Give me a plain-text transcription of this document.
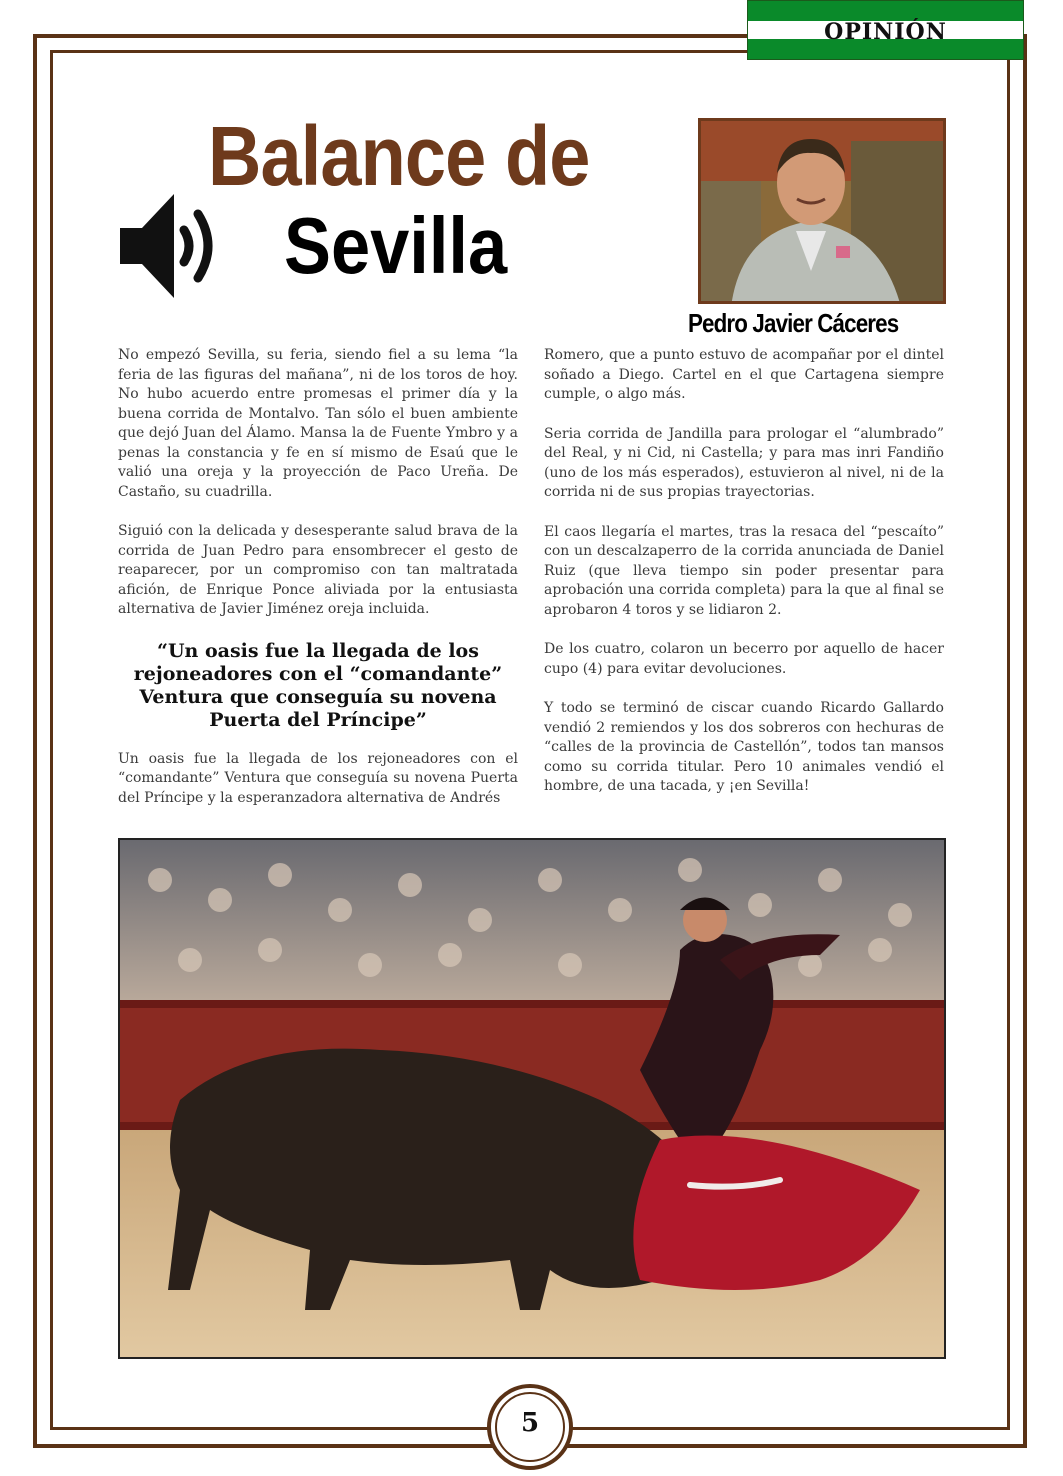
OPINIÓN
Balance de
Sevilla
Pedro Javier Cáceres

No empezó Sevilla, su feria, siendo fiel a su lema “la feria de las figuras del mañana”, ni de los toros de hoy. No hubo acuerdo entre promesas el primer día y la buena corrida de Montalvo. Tan sólo el buen ambiente que dejó Juan del Álamo. Mansa la de Fuente Ymbro y a penas la constancia y fe en sí mismo de Esaú que le valió una oreja y la proyección de Paco Ureña. De Castaño, su cuadrilla.

Siguió con la delicada y desesperante salud brava de la corrida de Juan Pedro para ensombrecer el gesto de reaparecer, por un compromiso con tan maltratada afición, de Enrique Ponce aliviada por la entusiasta alternativa de Javier Jiménez oreja incluida.

“Un oasis fue la llegada de los rejoneadores con el “comandante” Ventura que conseguía su novena Puerta del Príncipe”

Un oasis fue la llegada de los rejoneadores con el “comandante” Ventura que conseguía su novena Puerta del Príncipe y la esperanzadora alternativa de Andrés

Romero, que a punto estuvo de acompañar por el dintel soñado a Diego. Cartel en el que Cartagena siempre cumple, o algo más.

Seria corrida de Jandilla para prologar el “alumbrado” del Real, y ni Cid, ni Castella; y para mas inri Fandiño (uno de los más esperados), estuvieron al nivel, ni de la corrida ni de sus propias trayectorias.

El caos llegaría el martes, tras la resaca del “pescaíto” con un descalzaperro de la corrida anunciada de Daniel Ruiz (que lleva tiempo sin poder presentar para aprobación una corrida completa) para la que al final se aprobaron 4 toros y se lidiaron 2.

De los cuatro, colaron un becerro por aquello de hacer cupo (4) para evitar devoluciones.

Y todo se terminó de ciscar cuando Ricardo Gallardo vendió 2 remiendos y los dos sobreros con hechuras de “calles de la provincia de Castellón”, todos tan mansos como su corrida titular. Pero 10 animales vendió el hombre, de una tacada, y ¡en Sevilla!

5
